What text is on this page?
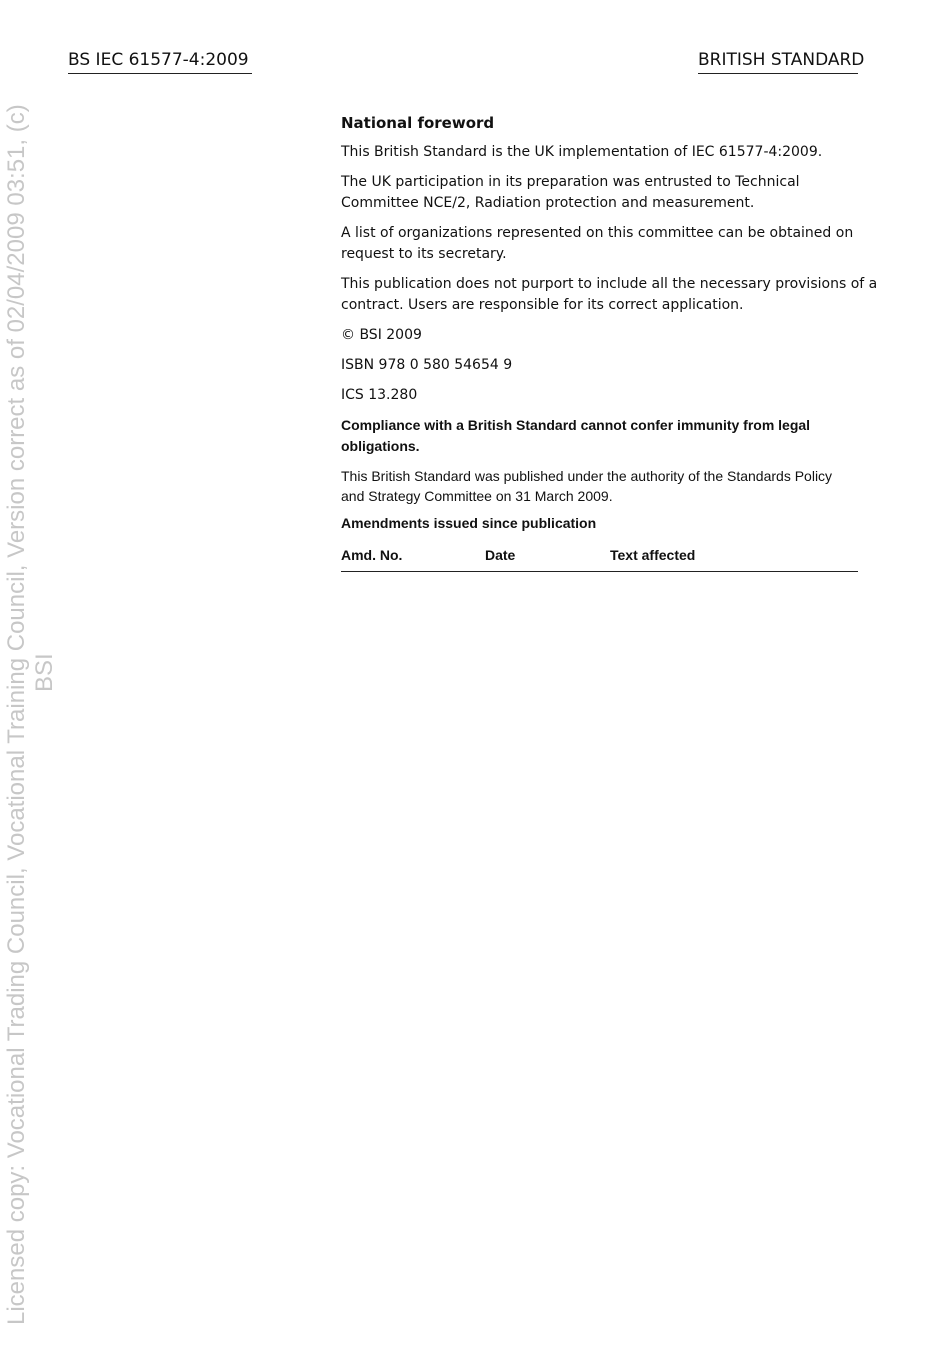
Licensed copy: Vocational Trading Council, Vocational Training Council, Version correct as of 02/04/2009 03:51, (c) BSI
BS IEC 61577-4:2009	BRITISH STANDARD
National foreword

This British Standard is the UK implementation of IEC 61577-4:2009.

The UK participation in its preparation was entrusted to Technical Committee NCE/2, Radiation protection and measurement.

A list of organizations represented on this committee can be obtained on request to its secretary.

This publication does not purport to include all the necessary provisions of a contract. Users are responsible for its correct application.

© BSI 2009

ISBN 978 0 580 54654 9

ICS 13.280

Compliance with a British Standard cannot confer immunity from legal obligations.

This British Standard was published under the authority of the Standards Policy and Strategy Committee on 31 March 2009.

Amendments issued since publication
Amd. No.	Date	Text affected
